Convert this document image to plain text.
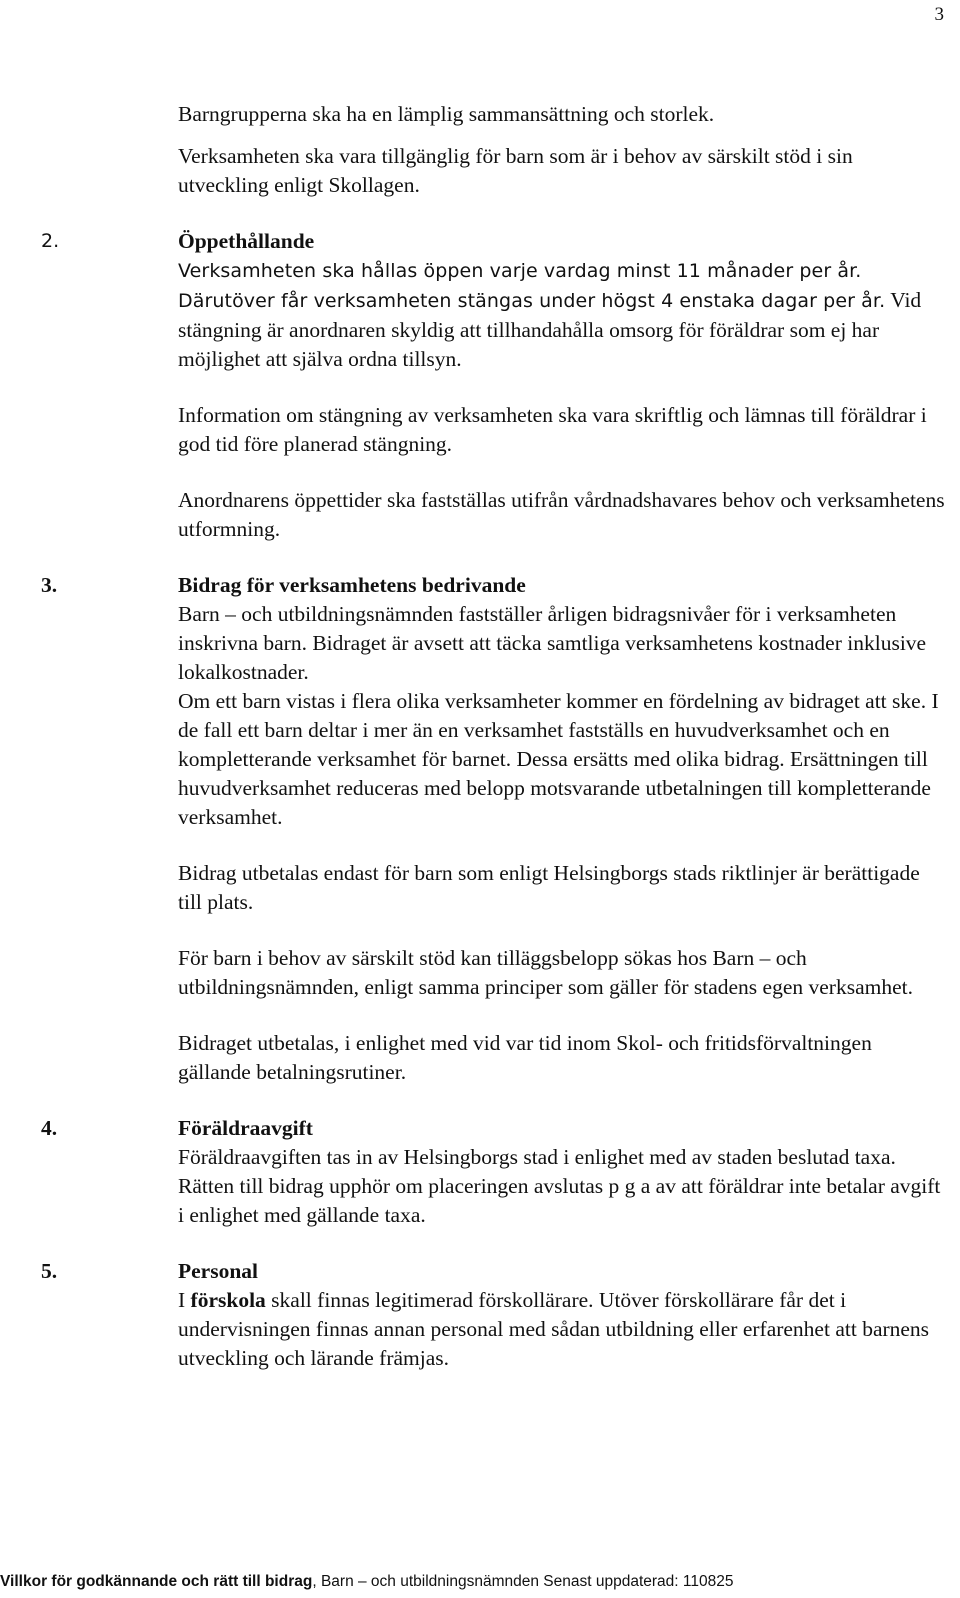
3

Barngrupperna ska ha en lämplig sammansättning och storlek.

Verksamheten ska vara tillgänglig för barn som är i behov av särskilt stöd i sin utveckling enligt Skollagen.

2.	Öppethållande

Verksamheten ska hållas öppen varje vardag minst 11 månader per år. Därutöver får verksamheten stängas under högst 4 enstaka dagar per år. Vid stängning är anordnaren skyldig att tillhandahålla omsorg för föräldrar som ej har möjlighet att själva ordna tillsyn.

Information om stängning av verksamheten ska vara skriftlig och lämnas till föräldrar i god tid före planerad stängning.

Anordnarens öppettider ska fastställas utifrån vårdnadshavares behov och verksamhetens utformning.

3.	Bidrag för verksamhetens bedrivande

Barn – och utbildningsnämnden fastställer årligen bidragsnivåer för i verksamheten inskrivna barn. Bidraget är avsett att täcka samtliga verksamhetens kostnader inklusive lokalkostnader.

Om ett barn vistas i flera olika verksamheter kommer en fördelning av bidraget att ske. I de fall ett barn deltar i mer än en verksamhet fastställs en huvudverksamhet och en kompletterande verksamhet för barnet. Dessa ersätts med olika bidrag. Ersättningen till huvudverksamhet reduceras med belopp motsvarande utbetalningen till kompletterande verksamhet.

Bidrag utbetalas endast för barn som enligt Helsingborgs stads riktlinjer är berättigade till plats.

För barn i behov av särskilt stöd kan tilläggsbelopp sökas hos Barn – och utbildningsnämnden, enligt samma principer som gäller för stadens egen verksamhet.

Bidraget utbetalas, i enlighet med vid var tid inom Skol- och fritidsförvaltningen gällande betalningsrutiner.

4.	Föräldraavgift

Föräldraavgiften tas in av Helsingborgs stad i enlighet med av staden beslutad taxa.

Rätten till bidrag upphör om placeringen avslutas p g a av att föräldrar inte betalar avgift i enlighet med gällande taxa.

5.	Personal

I förskola skall finnas legitimerad förskollärare. Utöver förskollärare får det i undervisningen finnas annan personal med sådan utbildning eller erfarenhet att barnens utveckling och lärande främjas.

Villkor för godkännande och rätt till bidrag, Barn – och utbildningsnämnden Senast uppdaterad: 110825
